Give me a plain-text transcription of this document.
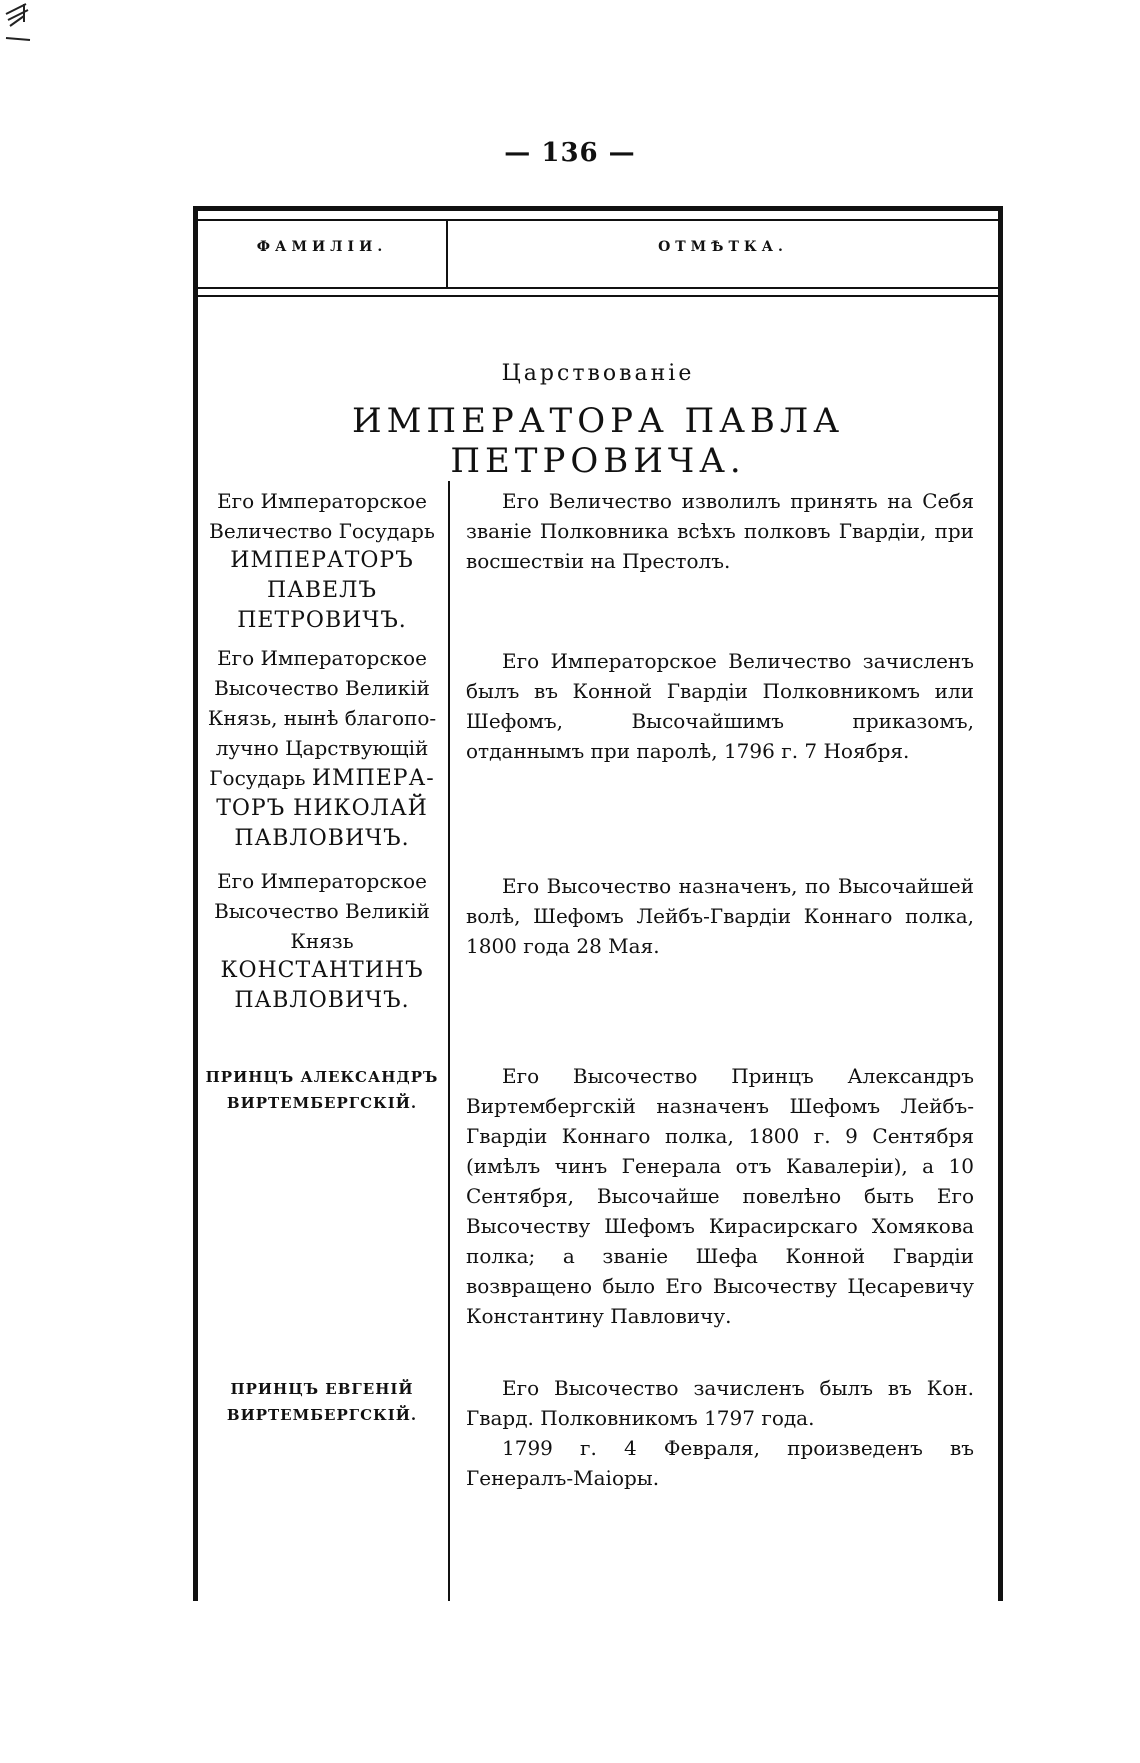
— 136 —
ФАМИЛІИ.	ОТМѢТКА.
Царствованіе
ИМПЕРАТОРА ПАВЛА ПЕТРОВИЧА.
Его Императорское
Величество Государь
ИМПЕРАТОРЪ
ПАВЕЛЪ
ПЕТРОВИЧЪ.

Его Величество изволилъ принять на Себя званіе Полковника всѣхъ полковъ Гвардіи, при восшествіи на Престолъ.

Его Императорское
Высочество Великій
Князь, нынѣ благопо-
лучно Царствующій
Государь ИМПЕРА-
ТОРЪ НИКОЛАЙ
ПАВЛОВИЧЪ.

Его Императорское Величество зачисленъ былъ въ Конной Гвардіи Полковникомъ или Шефомъ, Высочайшимъ приказомъ, отданнымъ при паролѣ, 1796 г. 7 Ноября.

Его Императорское
Высочество Великій
Князь
КОНСТАНТИНЪ
ПАВЛОВИЧЪ.

Его Высочество назначенъ, по Высочайшей волѣ, Шефомъ Лейбъ-Гвардіи Коннаго полка, 1800 года 28 Мая.

ПРИНЦЪ АЛЕКСАНДРЪ
ВИРТЕМБЕРГСКІЙ.

Его Высочество Принцъ Александръ Виртембергскій назначенъ Шефомъ Лейбъ-Гвардіи Коннаго полка, 1800 г. 9 Сентября (имѣлъ чинъ Генерала отъ Кавалеріи), а 10 Сентября, Высочайше повелѣно быть Его Высочеству Шефомъ Кирасирскаго Хомякова полка; а званіе Шефа Конной Гвардіи возвращено было Его Высочеству Цесаревичу Константину Павловичу.

ПРИНЦЪ ЕВГЕНІЙ
ВИРТЕМБЕРГСКІЙ.

Его Высочество зачисленъ былъ въ Кон. Гвард. Полковникомъ 1797 года.

1799 г. 4 Февраля, произведенъ въ Генералъ-Маіоры.
